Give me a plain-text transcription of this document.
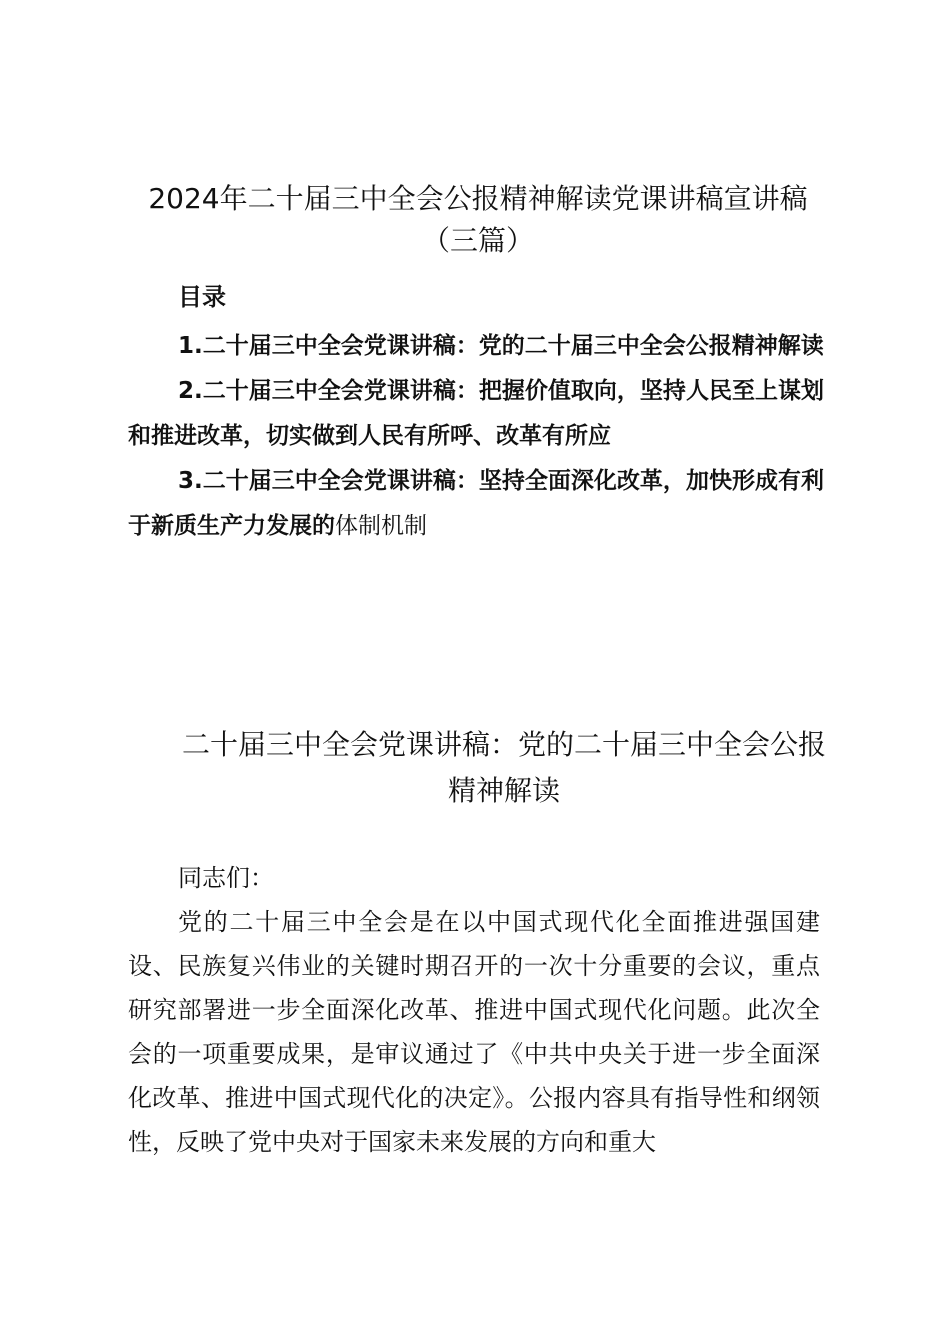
2024年二十届三中全会公报精神解读党课讲稿宣讲稿（三篇）
目录
1.二十届三中全会党课讲稿：党的二十届三中全会公报精神解读
2.二十届三中全会党课讲稿：把握价值取向，坚持人民至上谋划和推进改革，切实做到人民有所呼、改革有所应
3.二十届三中全会党课讲稿：坚持全面深化改革，加快形成有利于新质生产力发展的体制机制
二十届三中全会党课讲稿：党的二十届三中全会公报精神解读

同志们：

党的二十届三中全会是在以中国式现代化全面推进强国建设、民族复兴伟业的关键时期召开的一次十分重要的会议，重点研究部署进一步全面深化改革、推进中国式现代化问题。此次全会的一项重要成果，是审议通过了《中共中央关于进一步全面深化改革、推进中国式现代化的决定》。公报内容具有指导性和纲领性，反映了党中央对于国家未来发展的方向和重大
